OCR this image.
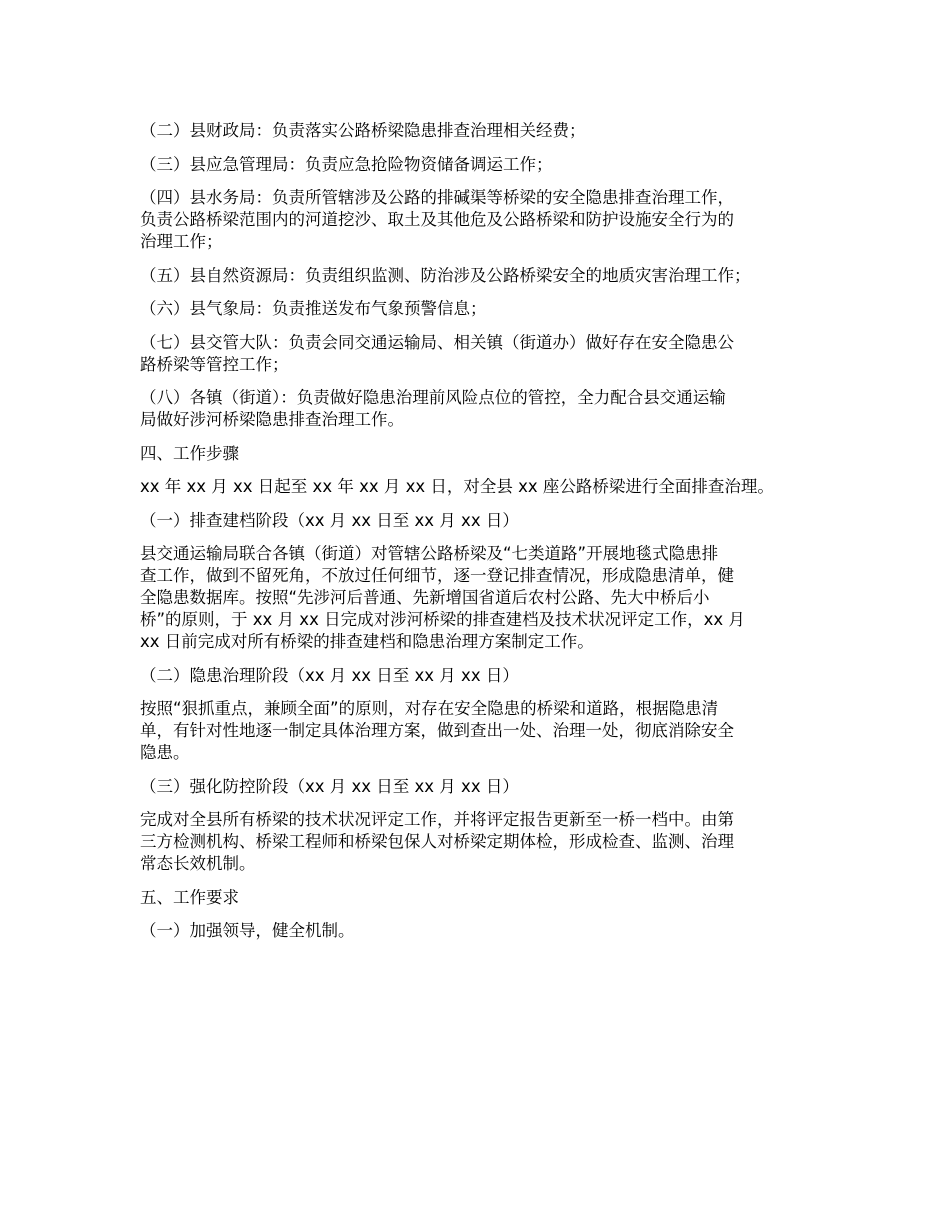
（二）县财政局：负责落实公路桥梁隐患排查治理相关经费；

（三）县应急管理局：负责应急抢险物资储备调运工作；

（四）县水务局：负责所管辖涉及公路的排碱渠等桥梁的安全隐患排查治理工作，
负责公路桥梁范围内的河道挖沙、取土及其他危及公路桥梁和防护设施安全行为的
治理工作；

（五）县自然资源局：负责组织监测、防治涉及公路桥梁安全的地质灾害治理工作；

（六）县气象局：负责推送发布气象预警信息；

（七）县交管大队：负责会同交通运输局、相关镇（街道办）做好存在安全隐患公
路桥梁等管控工作；

（八）各镇（街道）：负责做好隐患治理前风险点位的管控，全力配合县交通运输
局做好涉河桥梁隐患排查治理工作。

四、工作步骤

xx 年 xx 月 xx 日起至 xx 年 xx 月 xx 日，对全县 xx 座公路桥梁进行全面排查治理。

（一）排查建档阶段（xx 月 xx 日至 xx 月 xx 日）

县交通运输局联合各镇（街道）对管辖公路桥梁及“七类道路”开展地毯式隐患排
查工作，做到不留死角，不放过任何细节，逐一登记排查情况，形成隐患清单，健
全隐患数据库。按照“先涉河后普通、先新增国省道后农村公路、先大中桥后小
桥”的原则，于 xx 月 xx 日完成对涉河桥梁的排查建档及技术状况评定工作，xx 月
xx 日前完成对所有桥梁的排查建档和隐患治理方案制定工作。

（二）隐患治理阶段（xx 月 xx 日至 xx 月 xx 日）

按照“狠抓重点，兼顾全面”的原则，对存在安全隐患的桥梁和道路，根据隐患清
单，有针对性地逐一制定具体治理方案，做到查出一处、治理一处，彻底消除安全
隐患。

（三）强化防控阶段（xx 月 xx 日至 xx 月 xx 日）

完成对全县所有桥梁的技术状况评定工作，并将评定报告更新至一桥一档中。由第
三方检测机构、桥梁工程师和桥梁包保人对桥梁定期体检，形成检查、监测、治理
常态长效机制。

五、工作要求

（一）加强领导，健全机制。
